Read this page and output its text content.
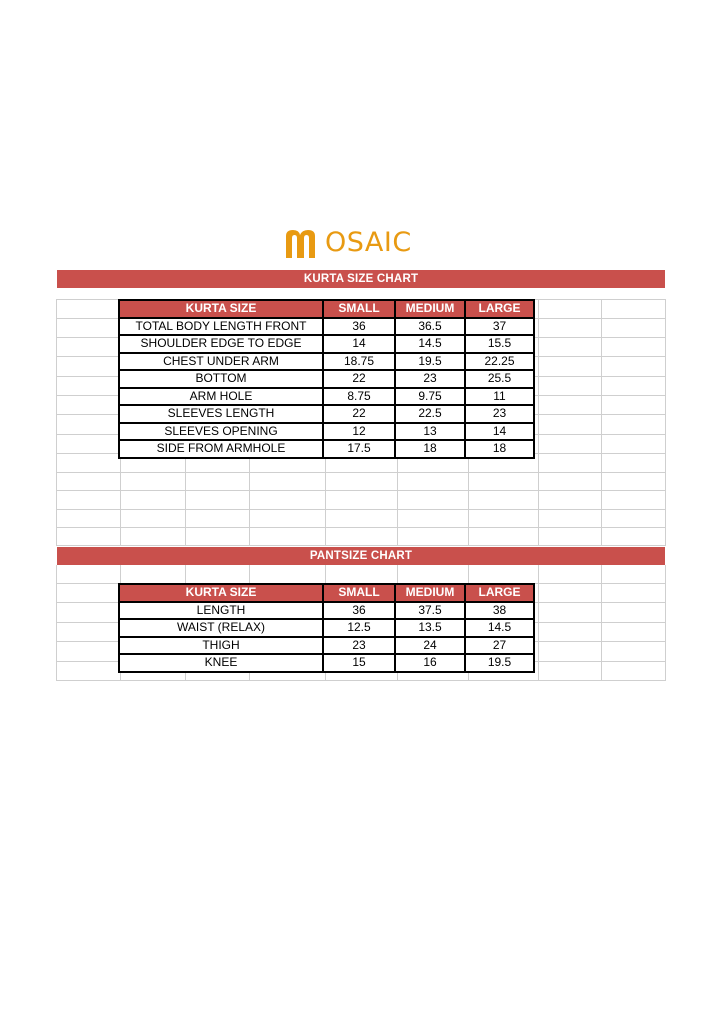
OSAIC
KURTA SIZE CHART
KURTA SIZE	SMALL	MEDIUM	LARGE
TOTAL BODY LENGTH FRONT	36	36.5	37
SHOULDER EDGE TO EDGE	14	14.5	15.5
CHEST UNDER ARM	18.75	19.5	22.25
BOTTOM	22	23	25.5
ARM HOLE	8.75	9.75	11
SLEEVES LENGTH	22	22.5	23
SLEEVES OPENING	12	13	14
SIDE FROM ARMHOLE	17.5	18	18
PANTSIZE CHART
KURTA SIZE	SMALL	MEDIUM	LARGE
LENGTH	36	37.5	38
WAIST (RELAX)	12.5	13.5	14.5
THIGH	23	24	27
KNEE	15	16	19.5
